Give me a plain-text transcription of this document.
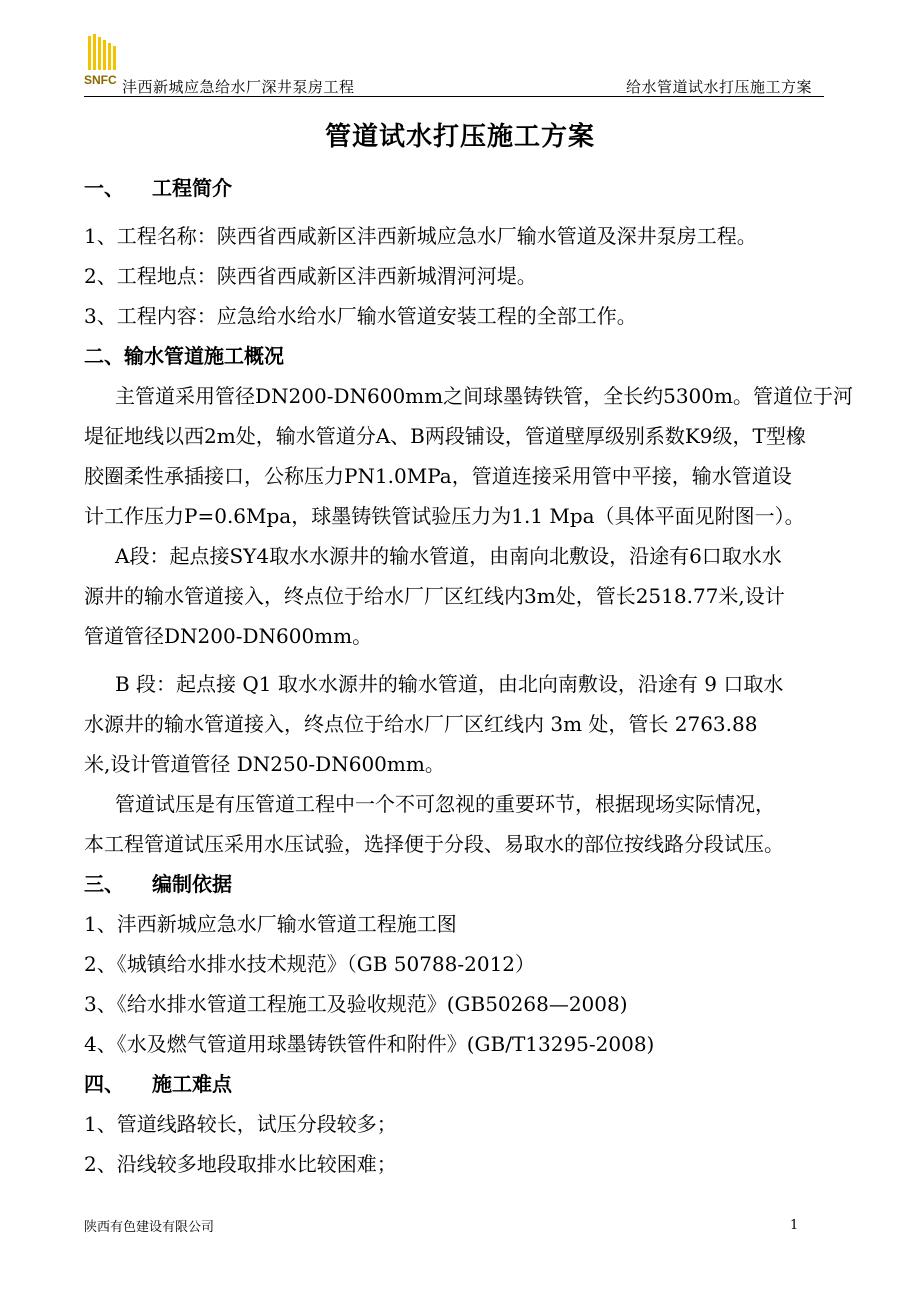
SNFC 沣西新城应急给水厂深井泵房工程	给水管道试水打压施工方案
管道试水打压施工方案
一、 工程简介
1、工程名称：陕西省西咸新区沣西新城应急水厂输水管道及深井泵房工程。
2、工程地点：陕西省西咸新区沣西新城渭河河堤。
3、工程内容：应急给水给水厂输水管道安装工程的全部工作。
二、输水管道施工概况
主管道采用管径DN200-DN600mm之间球墨铸铁管，全长约5300m。管道位于河
堤征地线以西2m处，输水管道分A、B两段铺设，管道壁厚级别系数K9级，T型橡
胶圈柔性承插接口，公称压力PN1.0MPa，管道连接采用管中平接，输水管道设
计工作压力P=0.6Mpa，球墨铸铁管试验压力为1.1 Mpa（具体平面见附图一）。
A段：起点接SY4取水水源井的输水管道，由南向北敷设，沿途有6口取水水
源井的输水管道接入，终点位于给水厂厂区红线内3m处，管长2518.77米,设计
管道管径DN200-DN600mm。
B 段：起点接 Q1 取水水源井的输水管道，由北向南敷设，沿途有 9 口取水
水源井的输水管道接入，终点位于给水厂厂区红线内 3m 处，管长 2763.88
米,设计管道管径 DN250-DN600mm。
管道试压是有压管道工程中一个不可忽视的重要环节，根据现场实际情况，
本工程管道试压采用水压试验，选择便于分段、易取水的部位按线路分段试压。
三、 编制依据
1、沣西新城应急水厂输水管道工程施工图
2、《城镇给水排水技术规范》（GB 50788-2012）
3、《给水排水管道工程施工及验收规范》(GB50268—2008)
4、《水及燃气管道用球墨铸铁管件和附件》(GB/T13295-2008)
四、 施工难点
1、管道线路较长，试压分段较多；
2、沿线较多地段取排水比较困难；
陕西有色建设有限公司	1
